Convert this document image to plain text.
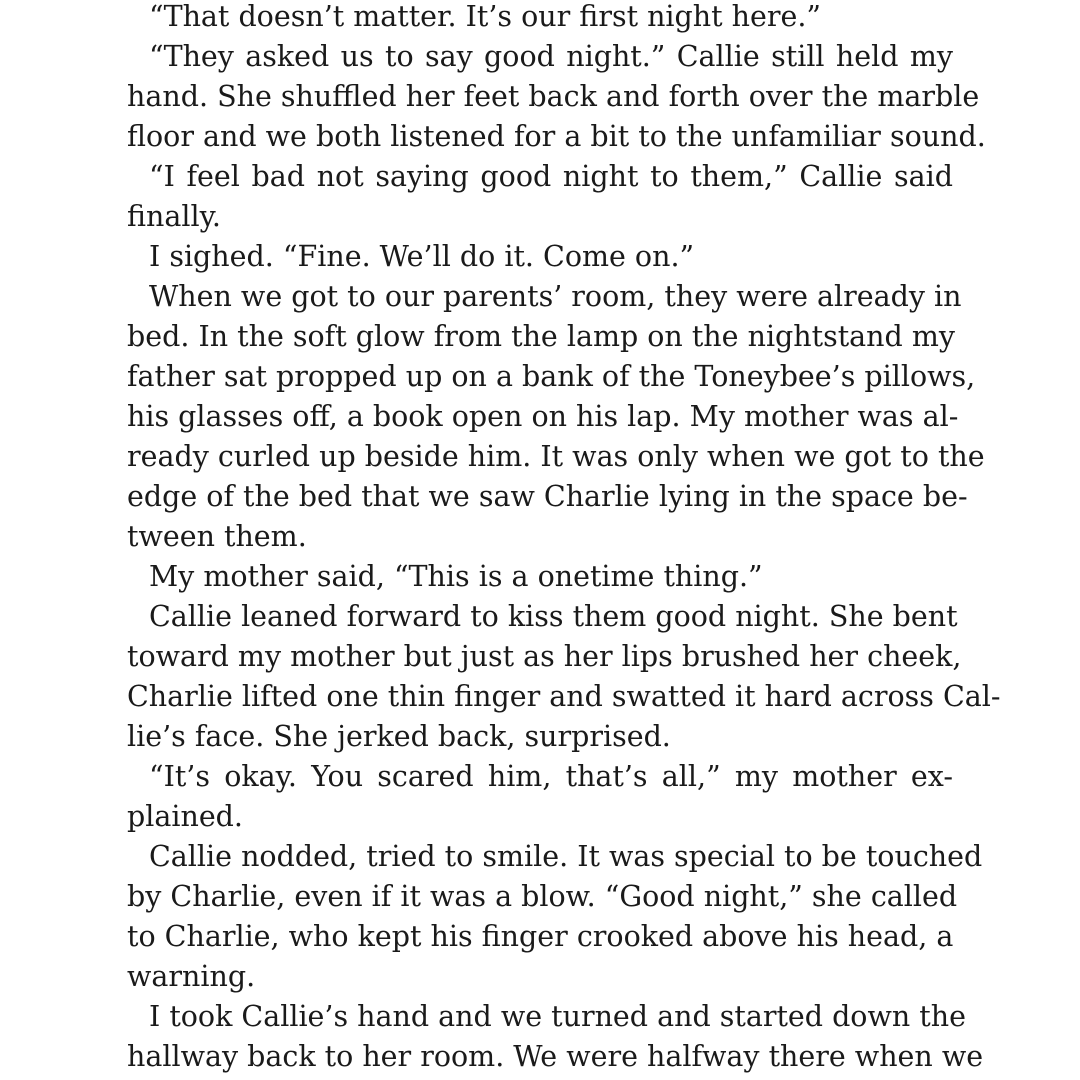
“That doesn’t matter. It’s our first night here.”
“They asked us to say good night.” Callie still held my
hand. She shuffled her feet back and forth over the marble
floor and we both listened for a bit to the unfamiliar sound.
“I feel bad not saying good night to them,” Callie said
finally.
I sighed. “Fine. We’ll do it. Come on.”
When we got to our parents’ room, they were already in
bed. In the soft glow from the lamp on the nightstand my
father sat propped up on a bank of the Toneybee’s pillows,
his glasses off, a book open on his lap. My mother was al-
ready curled up beside him. It was only when we got to the
edge of the bed that we saw Charlie lying in the space be-
tween them.
My mother said, “This is a onetime thing.”
Callie leaned forward to kiss them good night. She bent
toward my mother but just as her lips brushed her cheek,
Charlie lifted one thin finger and swatted it hard across Cal-
lie’s face. She jerked back, surprised.
“It’s okay. You scared him, that’s all,” my mother ex-
plained.
Callie nodded, tried to smile. It was special to be touched
by Charlie, even if it was a blow. “Good night,” she called
to Charlie, who kept his finger crooked above his head, a
warning.
I took Callie’s hand and we turned and started down the
hallway back to her room. We were halfway there when we
